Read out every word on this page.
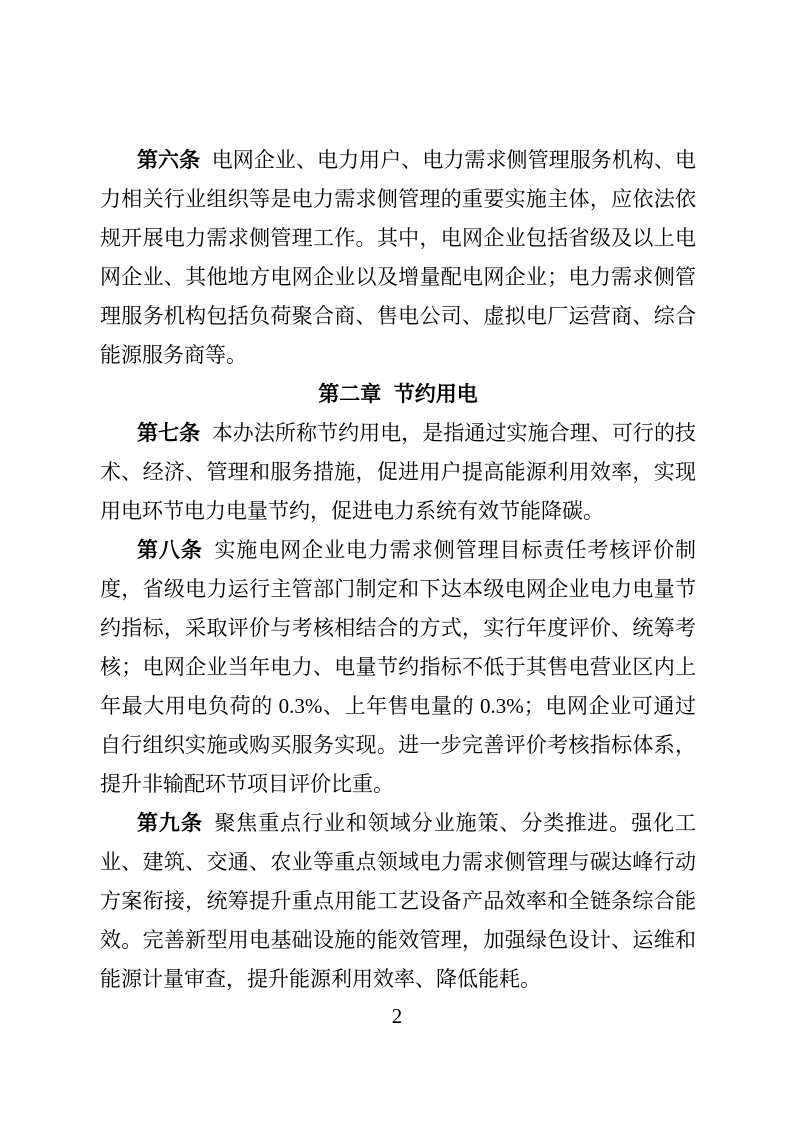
第六条 电网企业、电力用户、电力需求侧管理服务机构、电力相关行业组织等是电力需求侧管理的重要实施主体，应依法依规开展电力需求侧管理工作。其中，电网企业包括省级及以上电网企业、其他地方电网企业以及增量配电网企业；电力需求侧管理服务机构包括负荷聚合商、售电公司、虚拟电厂运营商、综合能源服务商等。

第二章 节约用电

第七条 本办法所称节约用电，是指通过实施合理、可行的技术、经济、管理和服务措施，促进用户提高能源利用效率，实现用电环节电力电量节约，促进电力系统有效节能降碳。

第八条 实施电网企业电力需求侧管理目标责任考核评价制度，省级电力运行主管部门制定和下达本级电网企业电力电量节约指标，采取评价与考核相结合的方式，实行年度评价、统筹考核；电网企业当年电力、电量节约指标不低于其售电营业区内上年最大用电负荷的 0.3%、上年售电量的 0.3%；电网企业可通过自行组织实施或购买服务实现。进一步完善评价考核指标体系，提升非输配环节项目评价比重。

第九条 聚焦重点行业和领域分业施策、分类推进。强化工业、建筑、交通、农业等重点领域电力需求侧管理与碳达峰行动方案衔接，统筹提升重点用能工艺设备产品效率和全链条综合能效。完善新型用电基础设施的能效管理，加强绿色设计、运维和能源计量审查，提升能源利用效率、降低能耗。

2
